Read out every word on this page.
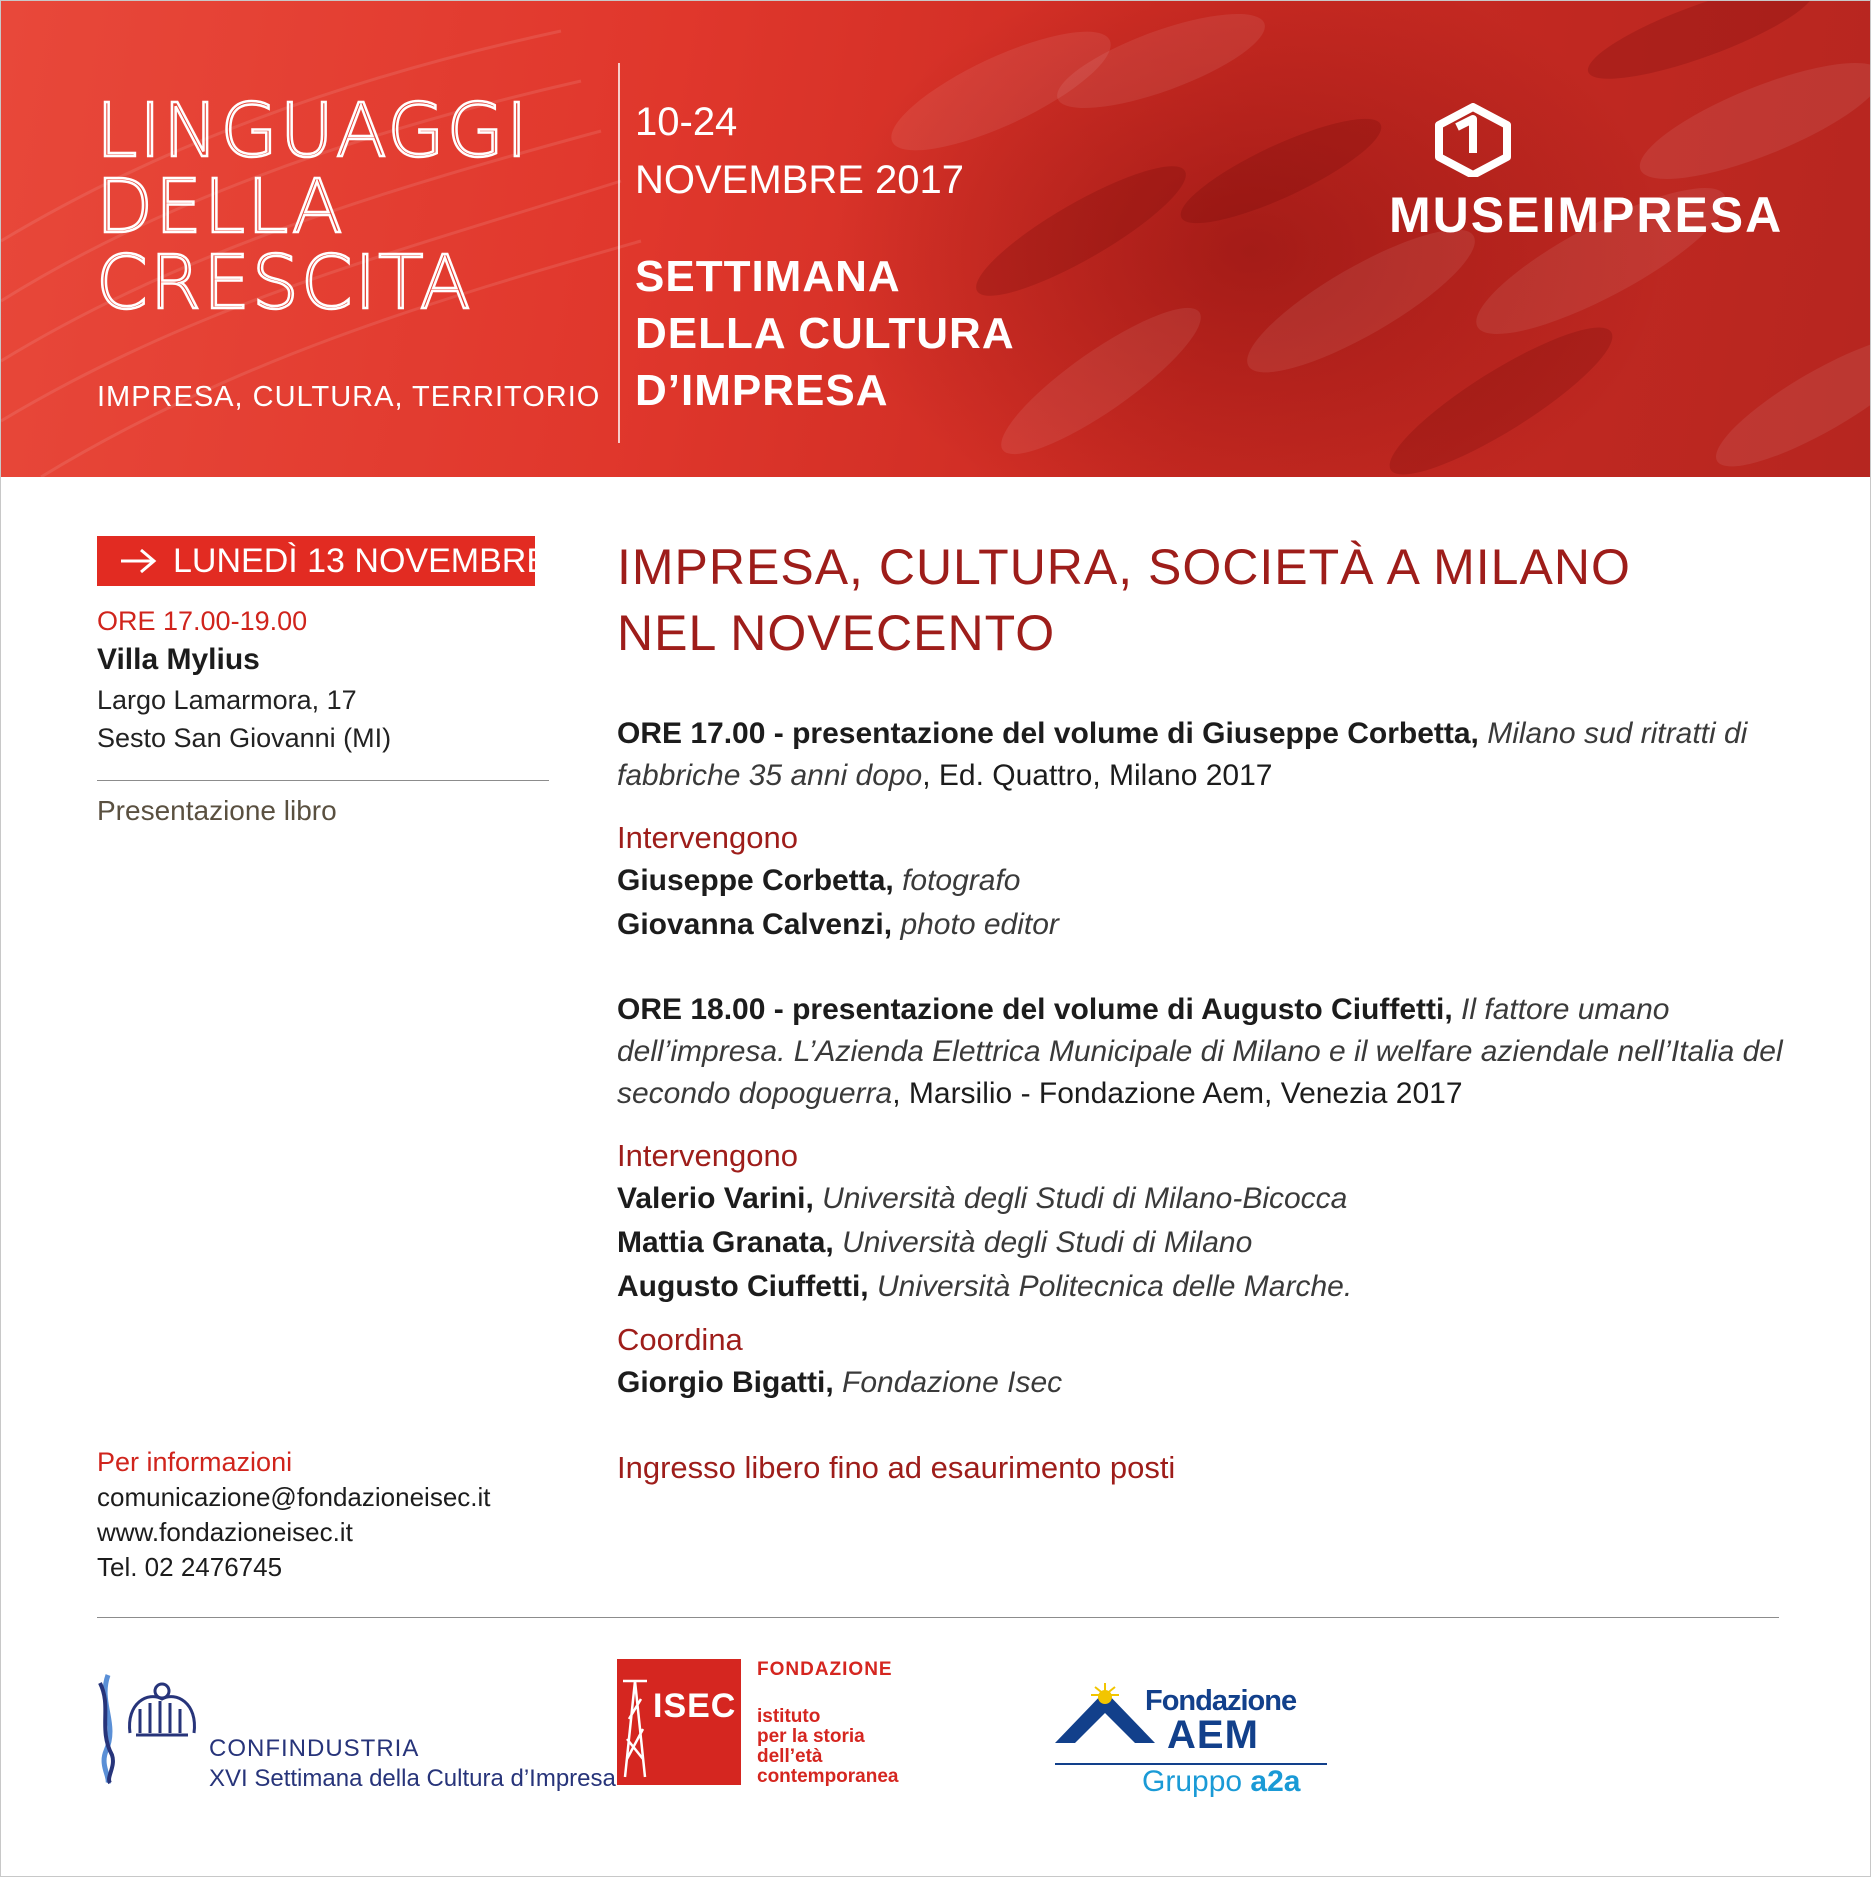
LINGUAGGI
DELLA
CRESCITA
IMPRESA, CULTURA, TERRITORIO
10-24
NOVEMBRE 2017
SETTIMANA
DELLA CULTURA
D’IMPRESA
MUSEIMPRESA
LUNEDÌ 13 NOVEMBRE
ORE 17.00-19.00
Villa Mylius
Largo Lamarmora, 17
Sesto San Giovanni (MI)
Presentazione libro
Per informazioni
comunicazione@fondazioneisec.it
www.fondazioneisec.it
Tel. 02 2476745
IMPRESA, CULTURA, SOCIETÀ A MILANO
NEL NOVECENTO

ORE 17.00 - presentazione del volume di Giuseppe Corbetta, Milano sud ritratti di fabbriche 35 anni dopo, Ed. Quattro, Milano 2017

Intervengono
Giuseppe Corbetta, fotografo
Giovanna Calvenzi, photo editor

ORE 18.00 - presentazione del volume di Augusto Ciuffetti, Il fattore umano dell’impresa. L’Azienda Elettrica Municipale di Milano e il welfare aziendale nell’Italia del secondo dopoguerra, Marsilio - Fondazione Aem, Venezia 2017

Intervengono
Valerio Varini, Università degli Studi di Milano-Bicocca
Mattia Granata, Università degli Studi di Milano
Augusto Ciuffetti, Università Politecnica delle Marche.
Coordina
Giorgio Bigatti, Fondazione Isec
Ingresso libero fino ad esaurimento posti
CONFINDUSTRIA
XVI Settimana della Cultura d’Impresa
ISEC
FONDAZIONE
istituto
per la storia
dell’età
contemporanea
Fondazione
AEM
Gruppo a2a
